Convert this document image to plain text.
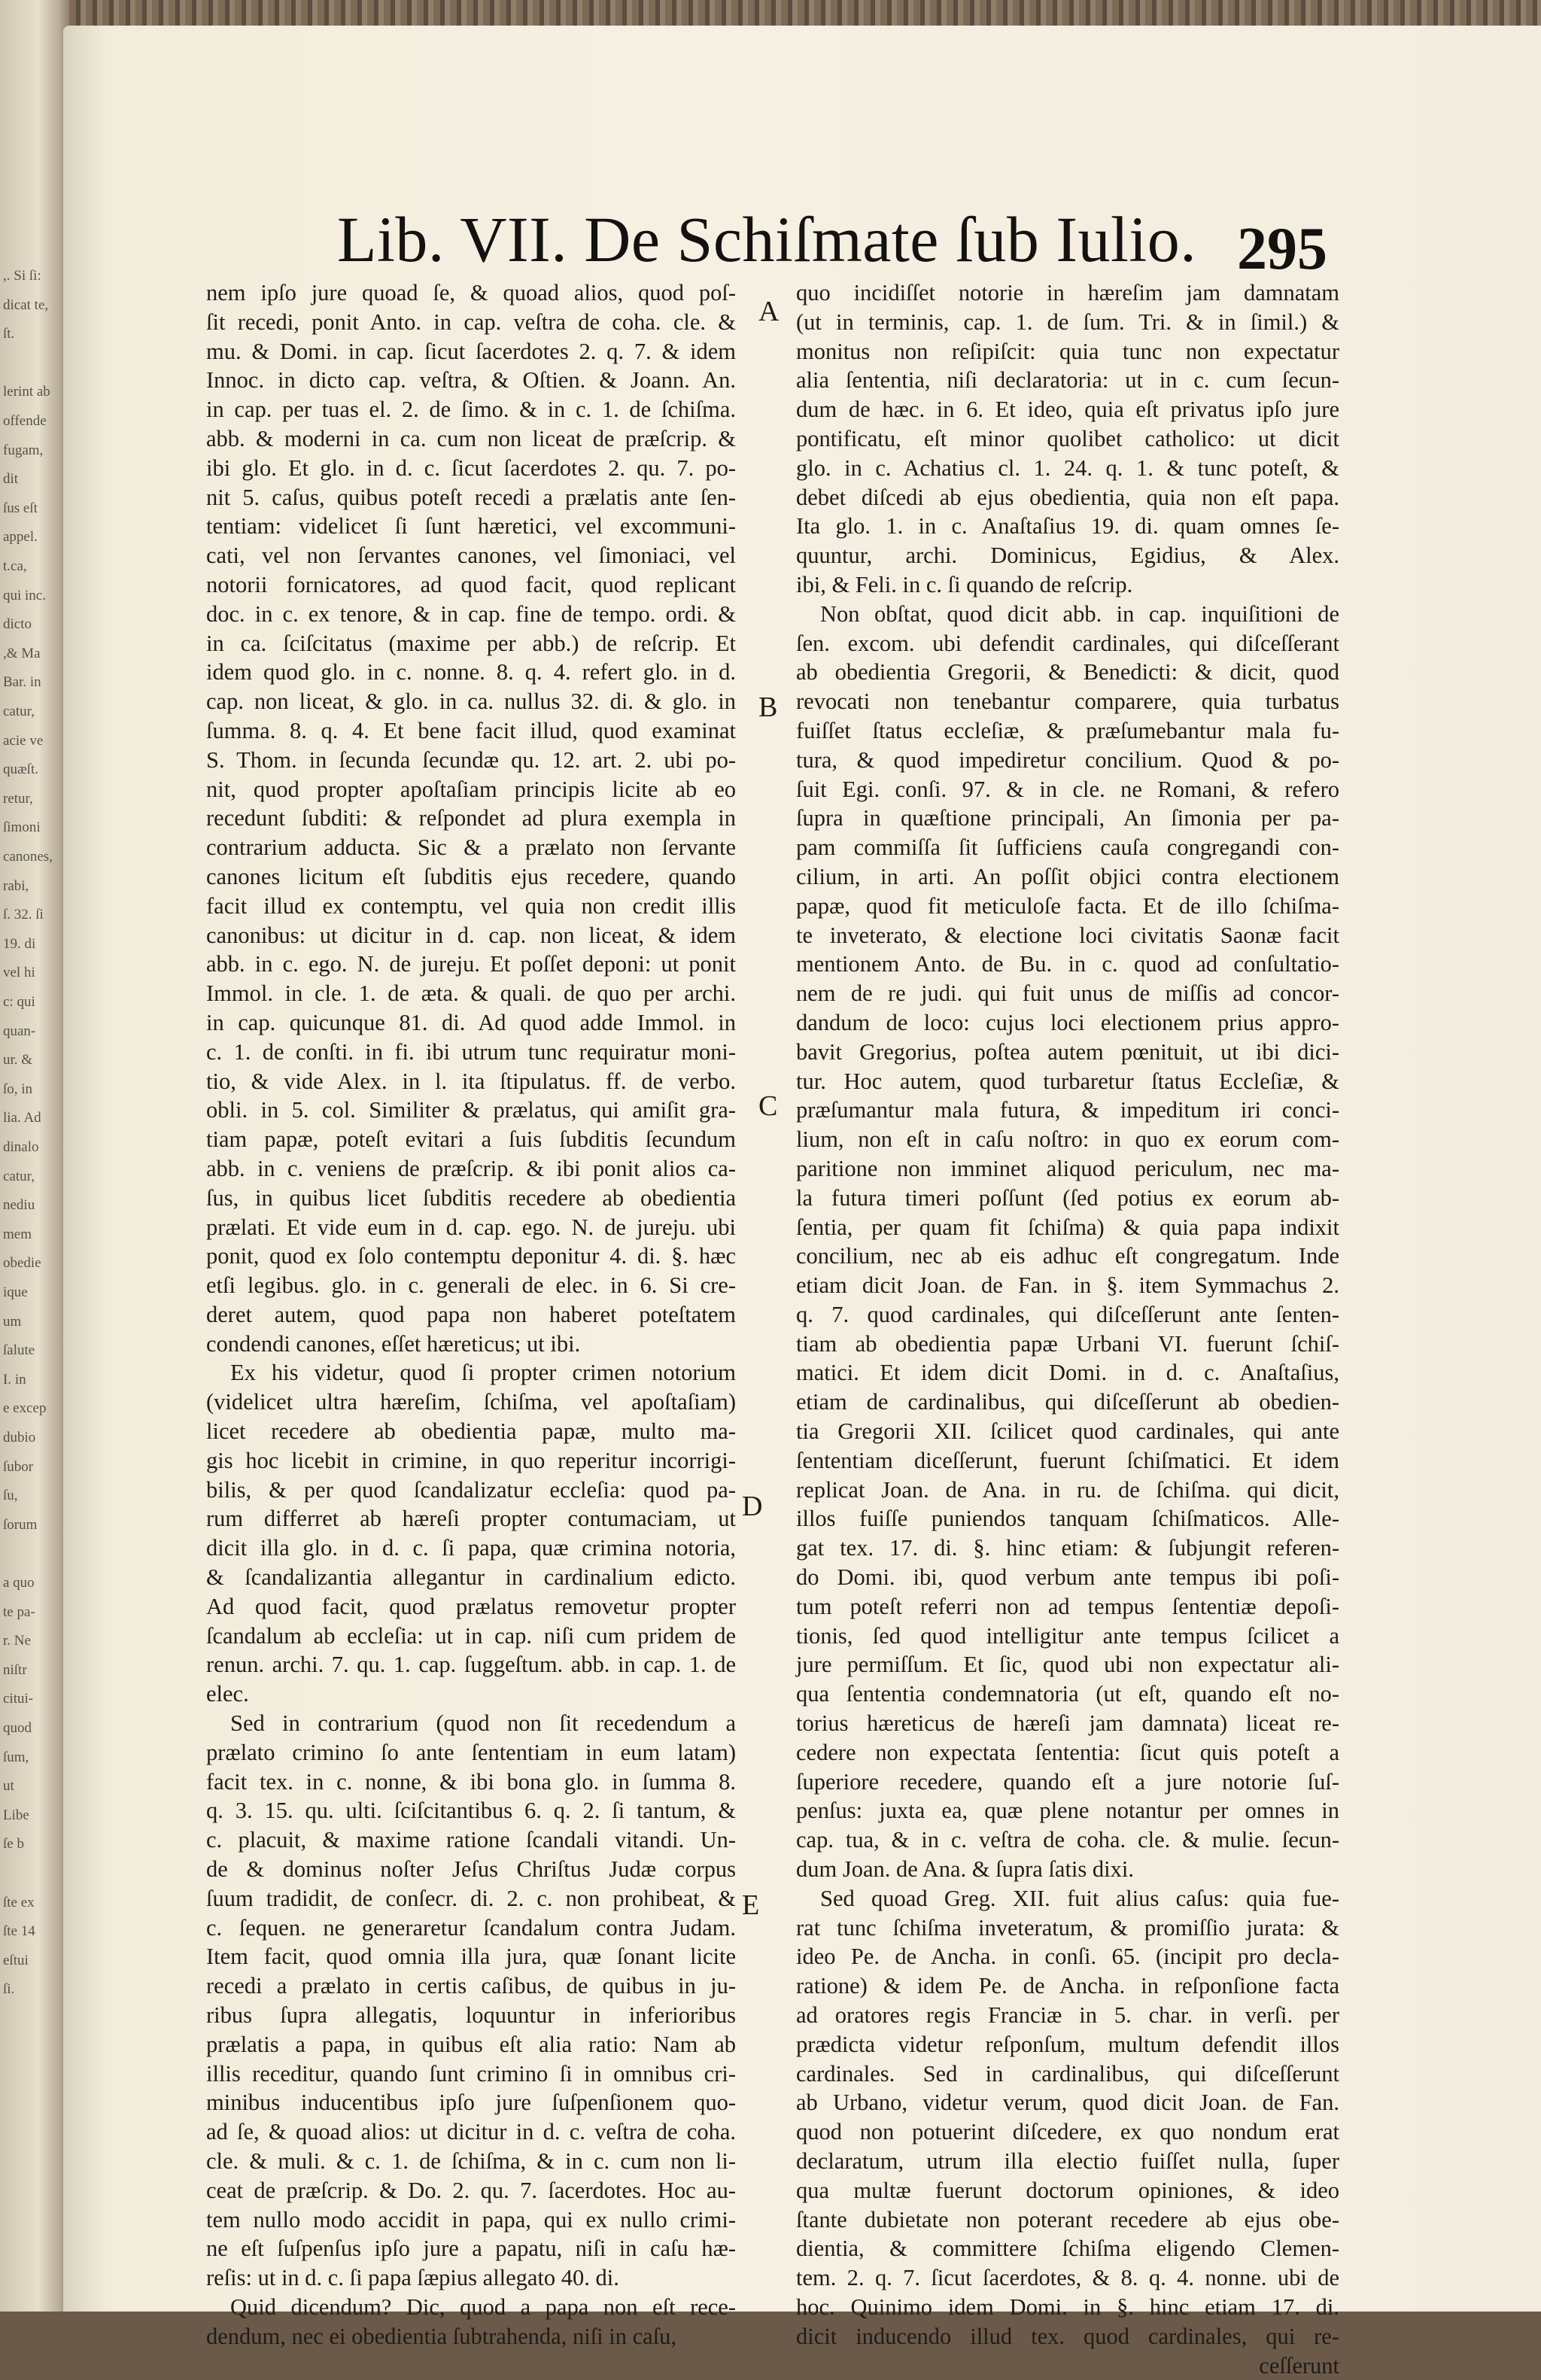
,. Si ſi:
dicat te,
ſt.
lerint ab
offende
fugam,
dit
ſus eſt
appel.
t.ca,
qui inc.
dicto
,& Ma
Bar. in
catur,
acie ve
quæſt.
retur,
ſimoni
canones,
rabi,
ſ. 32. ſi
19. di
vel hi
c: qui
quan-
ur. &
ſo, in
lia. Ad
dinalo
catur,
nediu
mem
obedie
ique
um
ſalute
I. in
e excep
dubio
ſubor
ſu,
ſorum
a quo
te pa-
r. Ne
niſtr
citui-
quod
ſum,
ut
Libe
ſe b
ſte ex
ſte 14
eſtui
ſi.
Lib. VII. De Schiſmate ſub Iulio. 295
nem ipſo jure quoad ſe, & quoad alios, quod poſ-
ſit recedi, ponit Anto. in cap. veſtra de coha. cle. &
mu. & Domi. in cap. ſicut ſacerdotes 2. q. 7. & idem
Innoc. in dicto cap. veſtra, & Oſtien. & Joann. An.
in cap. per tuas el. 2. de ſimo. & in c. 1. de ſchiſma.
abb. & moderni in ca. cum non liceat de præſcrip. &
ibi glo. Et glo. in d. c. ſicut ſacerdotes 2. qu. 7. po-
nit 5. caſus, quibus poteſt recedi a prælatis ante ſen-
tentiam: videlicet ſi ſunt hæretici, vel excommuni-
cati, vel non ſervantes canones, vel ſimoniaci, vel
notorii fornicatores, ad quod facit, quod replicant
doc. in c. ex tenore, & in cap. fine de tempo. ordi. &
in ca. ſciſcitatus (maxime per abb.) de reſcrip. Et
idem quod glo. in c. nonne. 8. q. 4. refert glo. in d.
cap. non liceat, & glo. in ca. nullus 32. di. & glo. in
ſumma. 8. q. 4. Et bene facit illud, quod examinat
S. Thom. in ſecunda ſecundæ qu. 12. art. 2. ubi po-
nit, quod propter apoſtaſiam principis licite ab eo
recedunt ſubditi: & reſpondet ad plura exempla in
contrarium adducta. Sic & a prælato non ſervante
canones licitum eſt ſubditis ejus recedere, quando
facit illud ex contemptu, vel quia non credit illis
canonibus: ut dicitur in d. cap. non liceat, & idem
abb. in c. ego. N. de jureju. Et poſſet deponi: ut ponit
Immol. in cle. 1. de æta. & quali. de quo per archi.
in cap. quicunque 81. di. Ad quod adde Immol. in
c. 1. de conſti. in fi. ibi utrum tunc requiratur moni-
tio, & vide Alex. in l. ita ſtipulatus. ff. de verbo.
obli. in 5. col. Similiter & prælatus, qui amiſit gra-
tiam papæ, poteſt evitari a ſuis ſubditis ſecundum
abb. in c. veniens de præſcrip. & ibi ponit alios ca-
ſus, in quibus licet ſubditis recedere ab obedientia
prælati. Et vide eum in d. cap. ego. N. de jureju. ubi
ponit, quod ex ſolo contemptu deponitur 4. di. §. hæc
etſi legibus. glo. in c. generali de elec. in 6. Si cre-
deret autem, quod papa non haberet poteſtatem
condendi canones, eſſet hæreticus; ut ibi.
Ex his videtur, quod ſi propter crimen notorium
(videlicet ultra hæreſim, ſchiſma, vel apoſtaſiam)
licet recedere ab obedientia papæ, multo ma-
gis hoc licebit in crimine, in quo reperitur incorrigi-
bilis, & per quod ſcandalizatur eccleſia: quod pa-
rum differret ab hæreſi propter contumaciam, ut
dicit illa glo. in d. c. ſi papa, quæ crimina notoria,
& ſcandalizantia allegantur in cardinalium edicto.
Ad quod facit, quod prælatus removetur propter
ſcandalum ab eccleſia: ut in cap. niſi cum pridem de
renun. archi. 7. qu. 1. cap. ſuggeſtum. abb. in cap. 1. de
elec.
Sed in contrarium (quod non ſit recedendum a
prælato crimino ſo ante ſententiam in eum latam)
facit tex. in c. nonne, & ibi bona glo. in ſumma 8.
q. 3. 15. qu. ulti. ſciſcitantibus 6. q. 2. ſi tantum, &
c. placuit, & maxime ratione ſcandali vitandi. Un-
de & dominus noſter Jeſus Chriſtus Judæ corpus
ſuum tradidit, de conſecr. di. 2. c. non prohibeat, &
c. ſequen. ne generaretur ſcandalum contra Judam.
Item facit, quod omnia illa jura, quæ ſonant licite
recedi a prælato in certis caſibus, de quibus in ju-
ribus ſupra allegatis, loquuntur in inferioribus
prælatis a papa, in quibus eſt alia ratio: Nam ab
illis receditur, quando ſunt crimino ſi in omnibus cri-
minibus inducentibus ipſo jure ſuſpenſionem quo-
ad ſe, & quoad alios: ut dicitur in d. c. veſtra de coha.
cle. & muli. & c. 1. de ſchiſma, & in c. cum non li-
ceat de præſcrip. & Do. 2. qu. 7. ſacerdotes. Hoc au-
tem nullo modo accidit in papa, qui ex nullo crimi-
ne eſt ſuſpenſus ipſo jure a papatu, niſi in caſu hæ-
reſis: ut in d. c. ſi papa ſæpius allegato 40. di.
Quid dicendum? Dic, quod a papa non eſt rece-
dendum, nec ei obedientia ſubtrahenda, niſi in caſu,
quo incidiſſet notorie in hæreſim jam damnatam
(ut in terminis, cap. 1. de ſum. Tri. & in ſimil.) &
monitus non reſipiſcit: quia tunc non expectatur
alia ſententia, niſi declaratoria: ut in c. cum ſecun-
dum de hæc. in 6. Et ideo, quia eſt privatus ipſo jure
pontificatu, eſt minor quolibet catholico: ut dicit
glo. in c. Achatius cl. 1. 24. q. 1. & tunc poteſt, &
debet diſcedi ab ejus obedientia, quia non eſt papa.
Ita glo. 1. in c. Anaſtaſius 19. di. quam omnes ſe-
quuntur, archi. Dominicus, Egidius, & Alex.
ibi, & Feli. in c. ſi quando de reſcrip.
Non obſtat, quod dicit abb. in cap. inquiſitioni de
ſen. excom. ubi defendit cardinales, qui diſceſſerant
ab obedientia Gregorii, & Benedicti: & dicit, quod
revocati non tenebantur comparere, quia turbatus
fuiſſet ſtatus eccleſiæ, & præſumebantur mala fu-
tura, & quod impediretur concilium. Quod & po-
ſuit Egi. conſi. 97. & in cle. ne Romani, & refero
ſupra in quæſtione principali, An ſimonia per pa-
pam commiſſa ſit ſufficiens cauſa congregandi con-
cilium, in arti. An poſſit objici contra electionem
papæ, quod fit meticuloſe facta. Et de illo ſchiſma-
te inveterato, & electione loci civitatis Saonæ facit
mentionem Anto. de Bu. in c. quod ad conſultatio-
nem de re judi. qui fuit unus de miſſis ad concor-
dandum de loco: cujus loci electionem prius appro-
bavit Gregorius, poſtea autem pœnituit, ut ibi dici-
tur. Hoc autem, quod turbaretur ſtatus Eccleſiæ, &
præſumantur mala futura, & impeditum iri conci-
lium, non eſt in caſu noſtro: in quo ex eorum com-
paritione non imminet aliquod periculum, nec ma-
la futura timeri poſſunt (ſed potius ex eorum ab-
ſentia, per quam fit ſchiſma) & quia papa indixit
concilium, nec ab eis adhuc eſt congregatum. Inde
etiam dicit Joan. de Fan. in §. item Symmachus 2.
q. 7. quod cardinales, qui diſceſſerunt ante ſenten-
tiam ab obedientia papæ Urbani VI. fuerunt ſchiſ-
matici. Et idem dicit Domi. in d. c. Anaſtaſius,
etiam de cardinalibus, qui diſceſſerunt ab obedien-
tia Gregorii XII. ſcilicet quod cardinales, qui ante
ſententiam diceſſerunt, fuerunt ſchiſmatici. Et idem
replicat Joan. de Ana. in ru. de ſchiſma. qui dicit,
illos fuiſſe puniendos tanquam ſchiſmaticos. Alle-
gat tex. 17. di. §. hinc etiam: & ſubjungit referen-
do Domi. ibi, quod verbum ante tempus ibi poſi-
tum poteſt referri non ad tempus ſententiæ depoſi-
tionis, ſed quod intelligitur ante tempus ſcilicet a
jure permiſſum. Et ſic, quod ubi non expectatur ali-
qua ſententia condemnatoria (ut eſt, quando eſt no-
torius hæreticus de hæreſi jam damnata) liceat re-
cedere non expectata ſententia: ſicut quis poteſt a
ſuperiore recedere, quando eſt a jure notorie ſuſ-
penſus: juxta ea, quæ plene notantur per omnes in
cap. tua, & in c. veſtra de coha. cle. & mulie. ſecun-
dum Joan. de Ana. & ſupra ſatis dixi.
Sed quoad Greg. XII. fuit alius caſus: quia fue-
rat tunc ſchiſma inveteratum, & promiſſio jurata: &
ideo Pe. de Ancha. in conſi. 65. (incipit pro decla-
ratione) & idem Pe. de Ancha. in reſponſione facta
ad oratores regis Franciæ in 5. char. in verſi. per
prædicta videtur reſponſum, multum defendit illos
cardinales. Sed in cardinalibus, qui diſceſſerunt
ab Urbano, videtur verum, quod dicit Joan. de Fan.
quod non potuerint diſcedere, ex quo nondum erat
declaratum, utrum illa electio fuiſſet nulla, ſuper
qua multæ fuerunt doctorum opiniones, & ideo
ſtante dubietate non poterant recedere ab ejus obe-
dientia, & committere ſchiſma eligendo Clemen-
tem. 2. q. 7. ſicut ſacerdotes, & 8. q. 4. nonne. ubi de
hoc. Quinimo idem Domi. in §. hinc etiam 17. di.
dicit inducendo illud tex. quod cardinales, qui re-
ceſſerunt
A
B
C
D
E
